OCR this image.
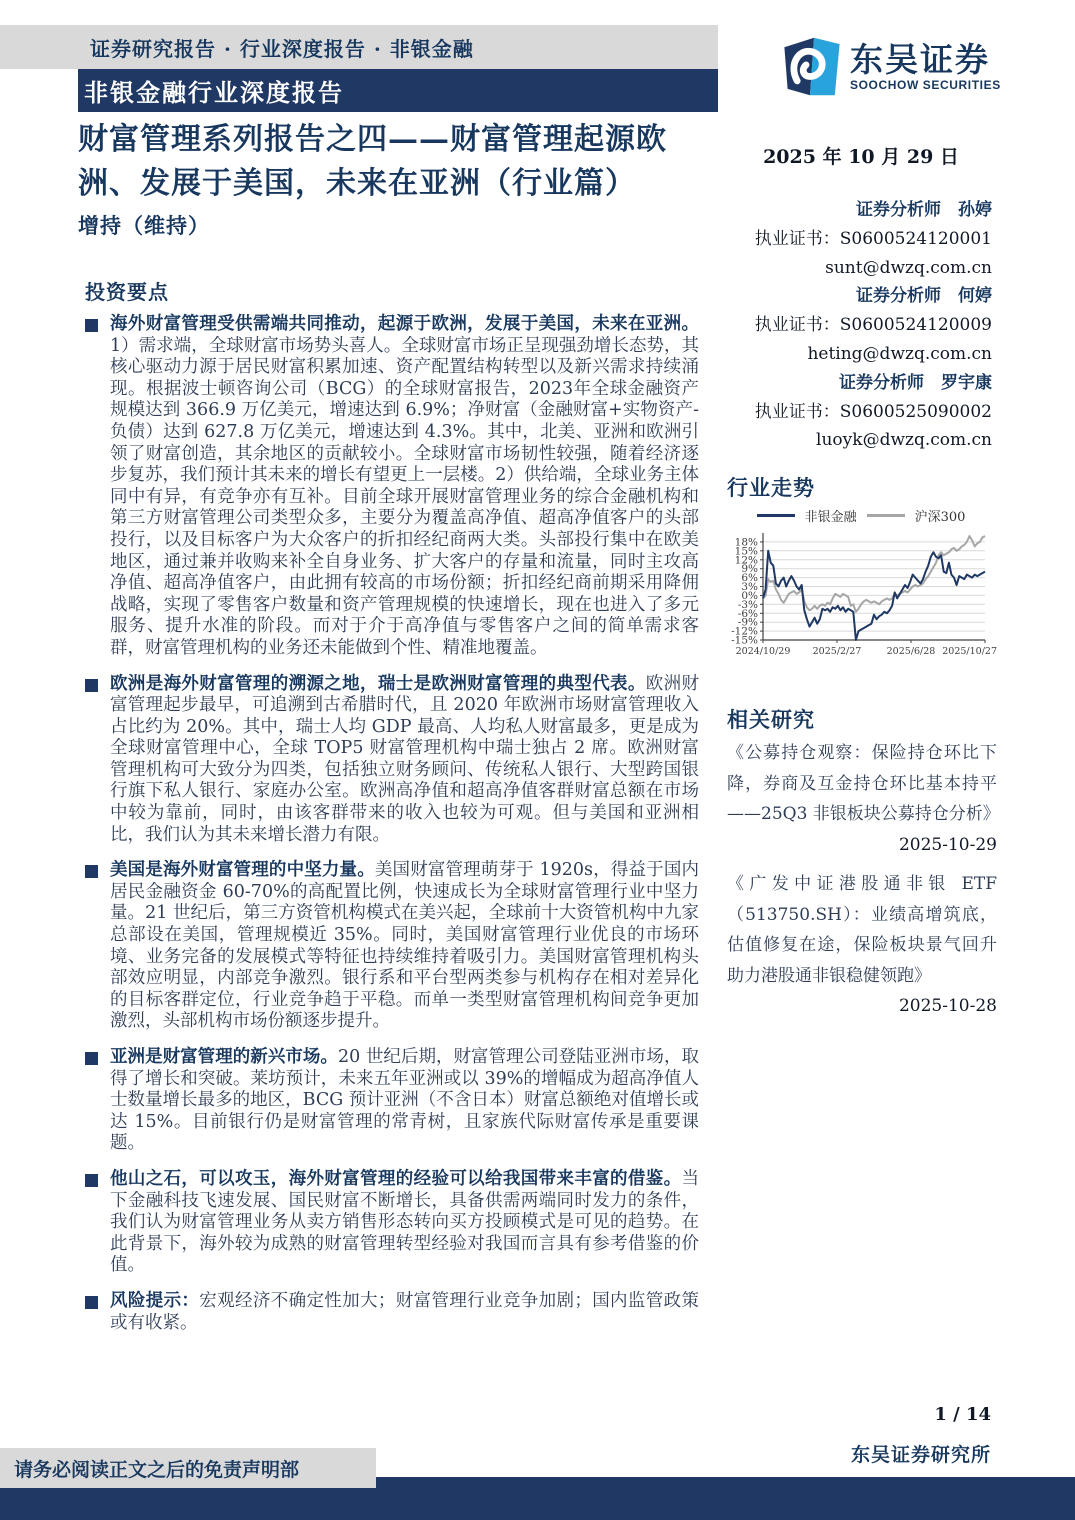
证券研究报告 · 行业深度报告 · 非银金融
非银金融行业深度报告
财富管理系列报告之四——财富管理起源欧
洲、发展于美国，未来在亚洲（行业篇）
增持（维持）
东吴证券
SOOCHOW SECURITIES
2025 年 10 月 29 日
证券分析师　孙婷
执业证书：S0600524120001
sunt@dwzq.com.cn
证券分析师　何婷
执业证书：S0600524120009
heting@dwzq.com.cn
证券分析师　罗宇康
执业证书：S0600525090002
luoyk@dwzq.com.cn
行业走势
非银金融	沪深300
18%
15%
12%
9%
6%
3%
0%
-3%
-6%
-9%
-12%
-15%
2024/10/29 2025/2/27	2025/6/28 2025/10/27
投资要点

海外财富管理受供需端共同推动，起源于欧洲，发展于美国，未来在亚洲。1）需求端，全球财富市场势头喜人。全球财富市场正呈现强劲增长态势，其核心驱动力源于居民财富积累加速、资产配置结构转型以及新兴需求持续涌现。根据波士顿咨询公司（BCG）的全球财富报告，2023年全球金融资产规模达到 366.9 万亿美元，增速达到 6.9%；净财富（金融财富+实物资产-负债）达到 627.8 万亿美元，增速达到 4.3%。其中，北美、亚洲和欧洲引领了财富创造，其余地区的贡献较小。全球财富市场韧性较强，随着经济逐步复苏，我们预计其未来的增长有望更上一层楼。2）供给端，全球业务主体同中有异，有竞争亦有互补。目前全球开展财富管理业务的综合金融机构和第三方财富管理公司类型众多，主要分为覆盖高净值、超高净值客户的头部投行，以及目标客户为大众客户的折扣经纪商两大类。头部投行集中在欧美地区，通过兼并收购来补全自身业务、扩大客户的存量和流量，同时主攻高净值、超高净值客户，由此拥有较高的市场份额；折扣经纪商前期采用降佣战略，实现了零售客户数量和资产管理规模的快速增长，现在也进入了多元服务、提升水准的阶段。而对于介于高净值与零售客户之间的简单需求客群，财富管理机构的业务还未能做到个性、精准地覆盖。

欧洲是海外财富管理的溯源之地，瑞士是欧洲财富管理的典型代表。欧洲财富管理起步最早，可追溯到古希腊时代，且 2020 年欧洲市场财富管理收入占比约为 20%。其中，瑞士人均 GDP 最高、人均私人财富最多，更是成为全球财富管理中心，全球 TOP5 财富管理机构中瑞士独占 2 席。欧洲财富管理机构可大致分为四类，包括独立财务顾问、传统私人银行、大型跨国银行旗下私人银行、家庭办公室。欧洲高净值和超高净值客群财富总额在市场中较为靠前，同时，由该客群带来的收入也较为可观。但与美国和亚洲相比，我们认为其未来增长潜力有限。

美国是海外财富管理的中坚力量。美国财富管理萌芽于 1920s，得益于国内居民金融资金 60-70%的高配置比例，快速成长为全球财富管理行业中坚力量。21 世纪后，第三方资管机构模式在美兴起，全球前十大资管机构中九家总部设在美国，管理规模近 35%。同时，美国财富管理行业优良的市场环境、业务完备的发展模式等特征也持续维持着吸引力。美国财富管理机构头部效应明显，内部竞争激烈。银行系和平台型两类参与机构存在相对差异化的目标客群定位，行业竞争趋于平稳。而单一类型财富管理机构间竞争更加激烈，头部机构市场份额逐步提升。

亚洲是财富管理的新兴市场。20 世纪后期，财富管理公司登陆亚洲市场，取得了增长和突破。莱坊预计，未来五年亚洲或以 39%的增幅成为超高净值人士数量增长最多的地区，BCG 预计亚洲（不含日本）财富总额绝对值增长或达 15%。目前银行仍是财富管理的常青树，且家族代际财富传承是重要课题。

他山之石，可以攻玉，海外财富管理的经验可以给我国带来丰富的借鉴。当下金融科技飞速发展、国民财富不断增长，具备供需两端同时发力的条件，我们认为财富管理业务从卖方销售形态转向买方投顾模式是可见的趋势。在此背景下，海外较为成熟的财富管理转型经验对我国而言具有参考借鉴的价值。

风险提示：宏观经济不确定性加大；财富管理行业竞争加剧；国内监管政策或有收紧。

相关研究
《公募持仓观察：保险持仓环比下降，券商及互金持仓环比基本持平——25Q3 非银板块公募持仓分析》
2025-10-29
《广发中证港股通非银 ETF（513750.SH）：业绩高增筑底，估值修复在途，保险板块景气回升助力港股通非银稳健领跑》
2025-10-28
1 / 14
东吴证券研究所
请务必阅读正文之后的免责声明部
